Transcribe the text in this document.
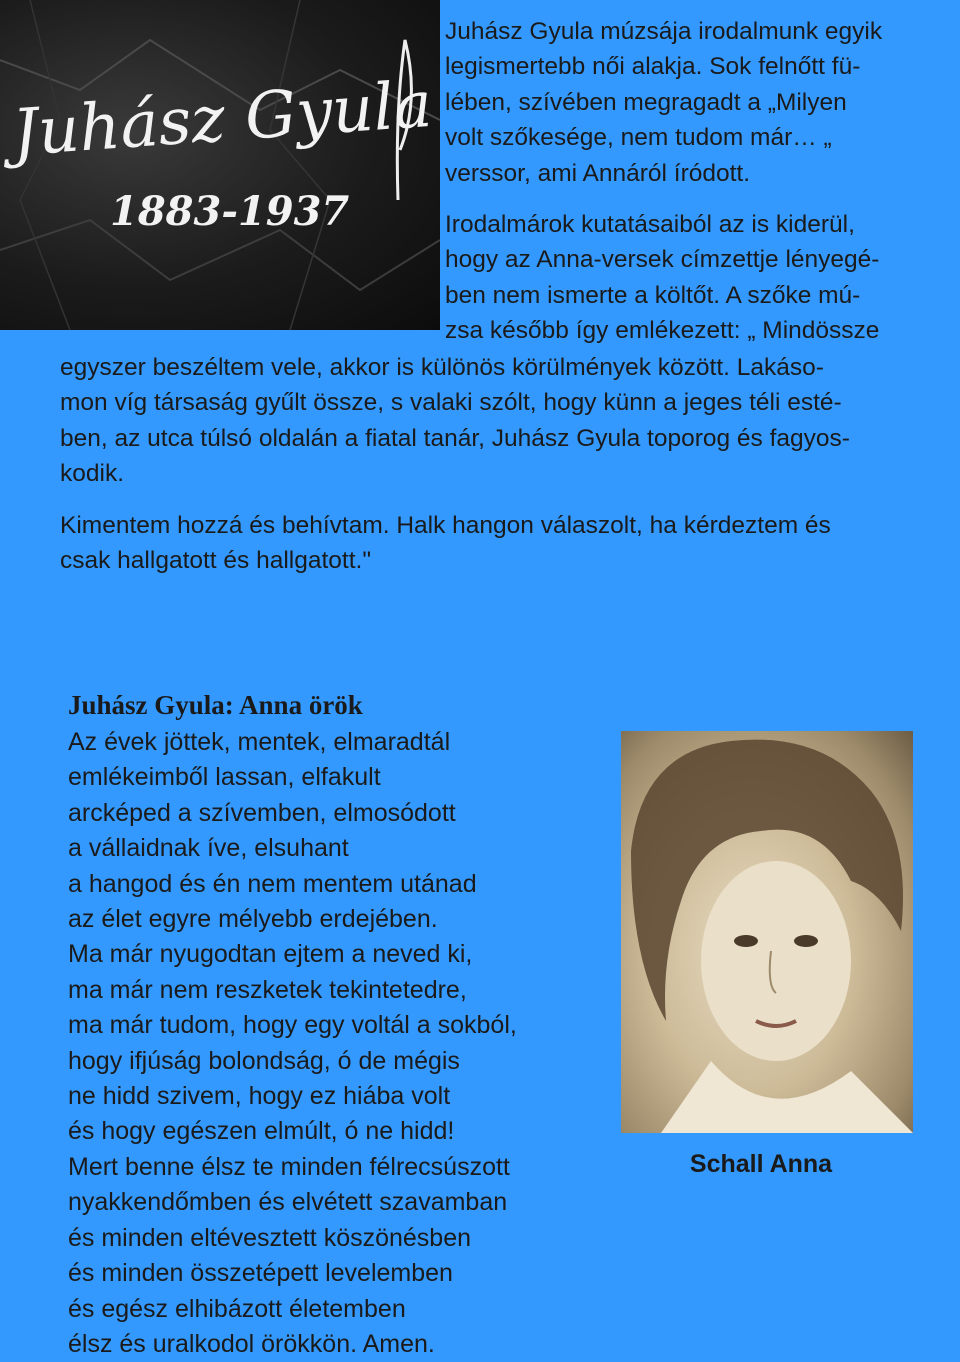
Juhász Gyula
1883-1937

Juhász Gyula múzsája irodalmunk egyik
legismertebb női alakja. Sok felnőtt fü-
lében, szívében megragadt a „Milyen
volt szőkesége, nem tudom már… „
verssor, ami Annáról íródott.

Irodalmárok kutatásaiból az is kiderül,
hogy az Anna-versek címzettje lényegé-
ben nem ismerte a költőt. A szőke mú-
zsa később így emlékezett: „ Mindössze

egyszer beszéltem vele, akkor is különös körülmények között. Lakáso-
mon víg társaság gyűlt össze, s valaki szólt, hogy künn a jeges téli esté-
ben, az utca túlsó oldalán a fiatal tanár, Juhász Gyula toporog és fagyos-
kodik.

Kimentem hozzá és behívtam. Halk hangon válaszolt, ha kérdeztem és
csak hallgatott és hallgatott."

Juhász Gyula: Anna örök
Az évek jöttek, mentek, elmaradtál
emlékeimből lassan, elfakult
arcképed a szívemben, elmosódott
a vállaidnak íve, elsuhant
a hangod és én nem mentem utánad
az élet egyre mélyebb erdejében.
Ma már nyugodtan ejtem a neved ki,
ma már nem reszketek tekintetedre,
ma már tudom, hogy egy voltál a sokból,
hogy ifjúság bolondság, ó de mégis
ne hidd szivem, hogy ez hiába volt
és hogy egészen elmúlt, ó ne hidd!
Mert benne élsz te minden félrecsúszott
nyakkendőmben és elvétett szavamban
és minden eltévesztett köszönésben
és minden összetépett levelemben
és egész elhibázott életemben
élsz és uralkodol örökkön. Amen.
Schall Anna
